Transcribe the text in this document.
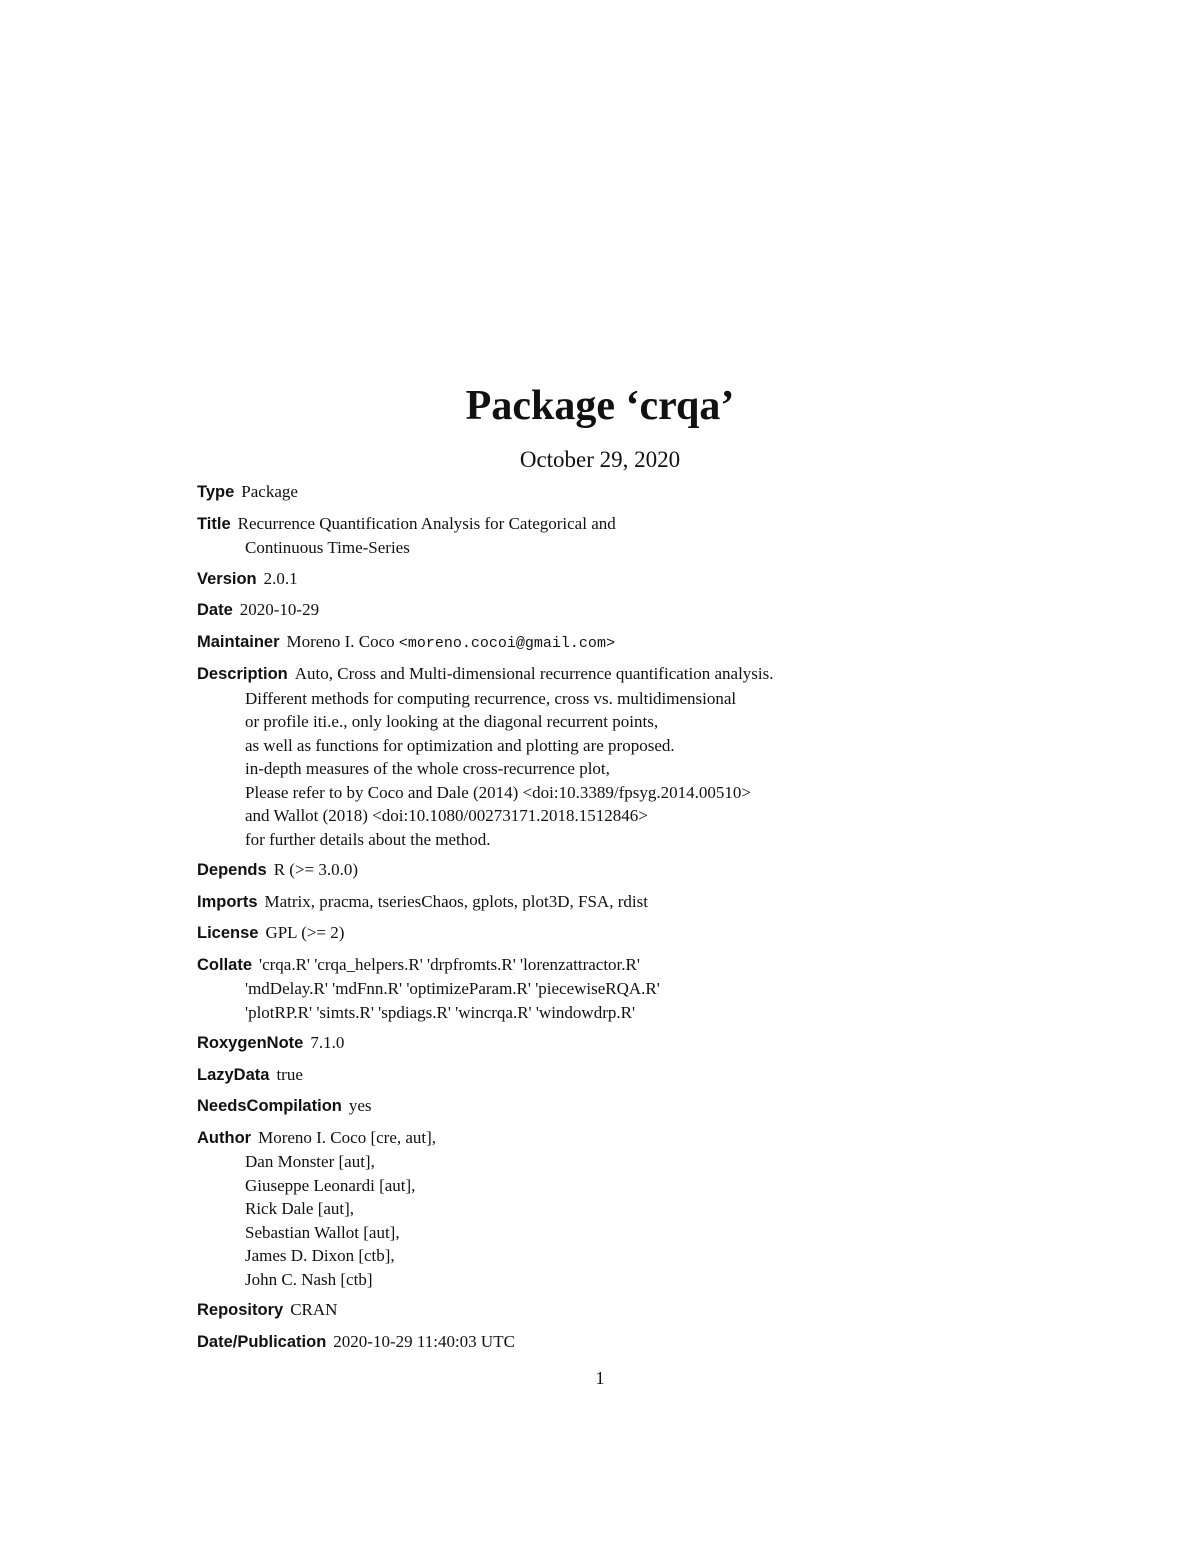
Package ‘crqa’
October 29, 2020
Type Package
Title Recurrence Quantification Analysis for Categorical and
Continuous Time-Series
Version 2.0.1
Date 2020-10-29
Maintainer Moreno I. Coco <moreno.cocoi@gmail.com>
Description Auto, Cross and Multi-dimensional recurrence quantification analysis.
Different methods for computing recurrence, cross vs. multidimensional
or profile iti.e., only looking at the diagonal recurrent points,
as well as functions for optimization and plotting are proposed.
in-depth measures of the whole cross-recurrence plot,
Please refer to by Coco and Dale (2014) <doi:10.3389/fpsyg.2014.00510>
and Wallot (2018) <doi:10.1080/00273171.2018.1512846>
for further details about the method.
Depends R (>= 3.0.0)
Imports Matrix, pracma, tseriesChaos, gplots, plot3D, FSA, rdist
License GPL (>= 2)
Collate 'crqa.R' 'crqa_helpers.R' 'drpfromts.R' 'lorenzattractor.R'
'mdDelay.R' 'mdFnn.R' 'optimizeParam.R' 'piecewiseRQA.R'
'plotRP.R' 'simts.R' 'spdiags.R' 'wincrqa.R' 'windowdrp.R'
RoxygenNote 7.1.0
LazyData true
NeedsCompilation yes
Author Moreno I. Coco [cre, aut],
Dan Monster [aut],
Giuseppe Leonardi [aut],
Rick Dale [aut],
Sebastian Wallot [aut],
James D. Dixon [ctb],
John C. Nash [ctb]
Repository CRAN
Date/Publication 2020-10-29 11:40:03 UTC
1
